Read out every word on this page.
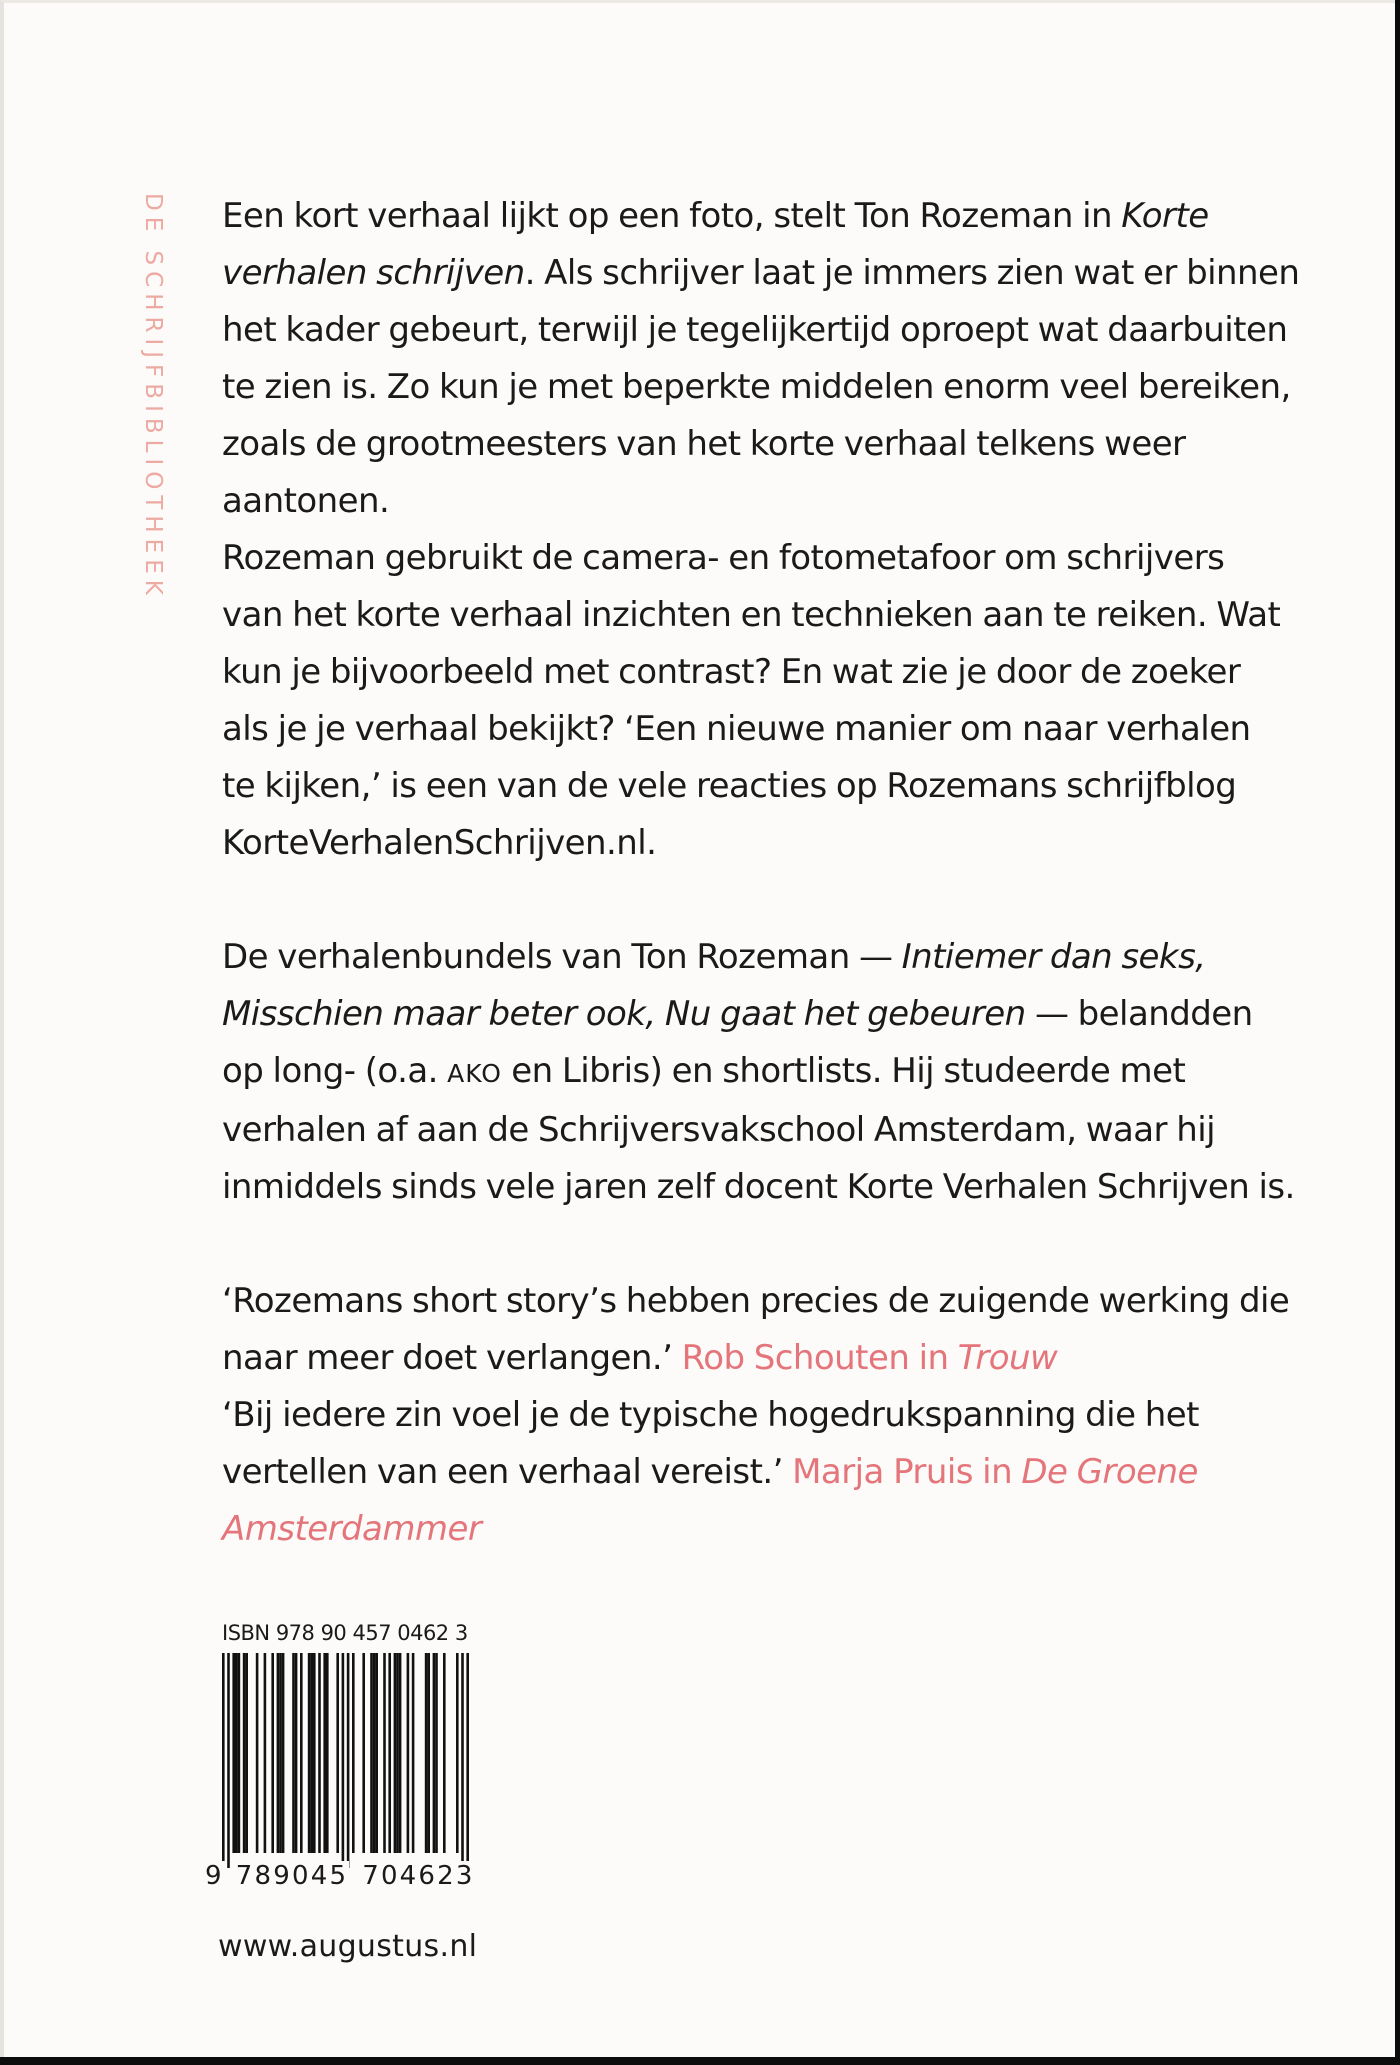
DE SCHRIJFBIBLIOTHEEK Een kort verhaal lijkt op een foto, stelt Ton Rozeman in Korte
verhalen schrijven. Als schrijver laat je immers zien wat er binnen
het kader gebeurt, terwijl je tegelijkertijd oproept wat daarbuiten
te zien is. Zo kun je met beperkte middelen enorm veel bereiken,
zoals de grootmeesters van het korte verhaal telkens weer
aantonen.
Rozeman gebruikt de camera- en fotometafoor om schrijvers
van het korte verhaal inzichten en technieken aan te reiken. Wat
kun je bijvoorbeeld met contrast? En wat zie je door de zoeker
als je je verhaal bekijkt? ‘Een nieuwe manier om naar verhalen
te kijken,’ is een van de vele reacties op Rozemans schrijfblog
KorteVerhalenSchrijven.nl.

De verhalenbundels van Ton Rozeman — Intiemer dan seks,
Misschien maar beter ook, Nu gaat het gebeuren — belandden
op long- (o.a. AKO en Libris) en shortlists. Hij studeerde met
verhalen af aan de Schrijversvakschool Amsterdam, waar hij
inmiddels sinds vele jaren zelf docent Korte Verhalen Schrijven is.

‘Rozemans short story’s hebben precies de zuigende werking die
naar meer doet verlangen.’ Rob Schouten in Trouw
‘Bij iedere zin voel je de typische hogedrukspanning die het
vertellen van een verhaal vereist.’ Marja Pruis in De Groene
Amsterdammer

ISBN 978 90 457 0462 3
9 789045 704623
www.augustus.nl
